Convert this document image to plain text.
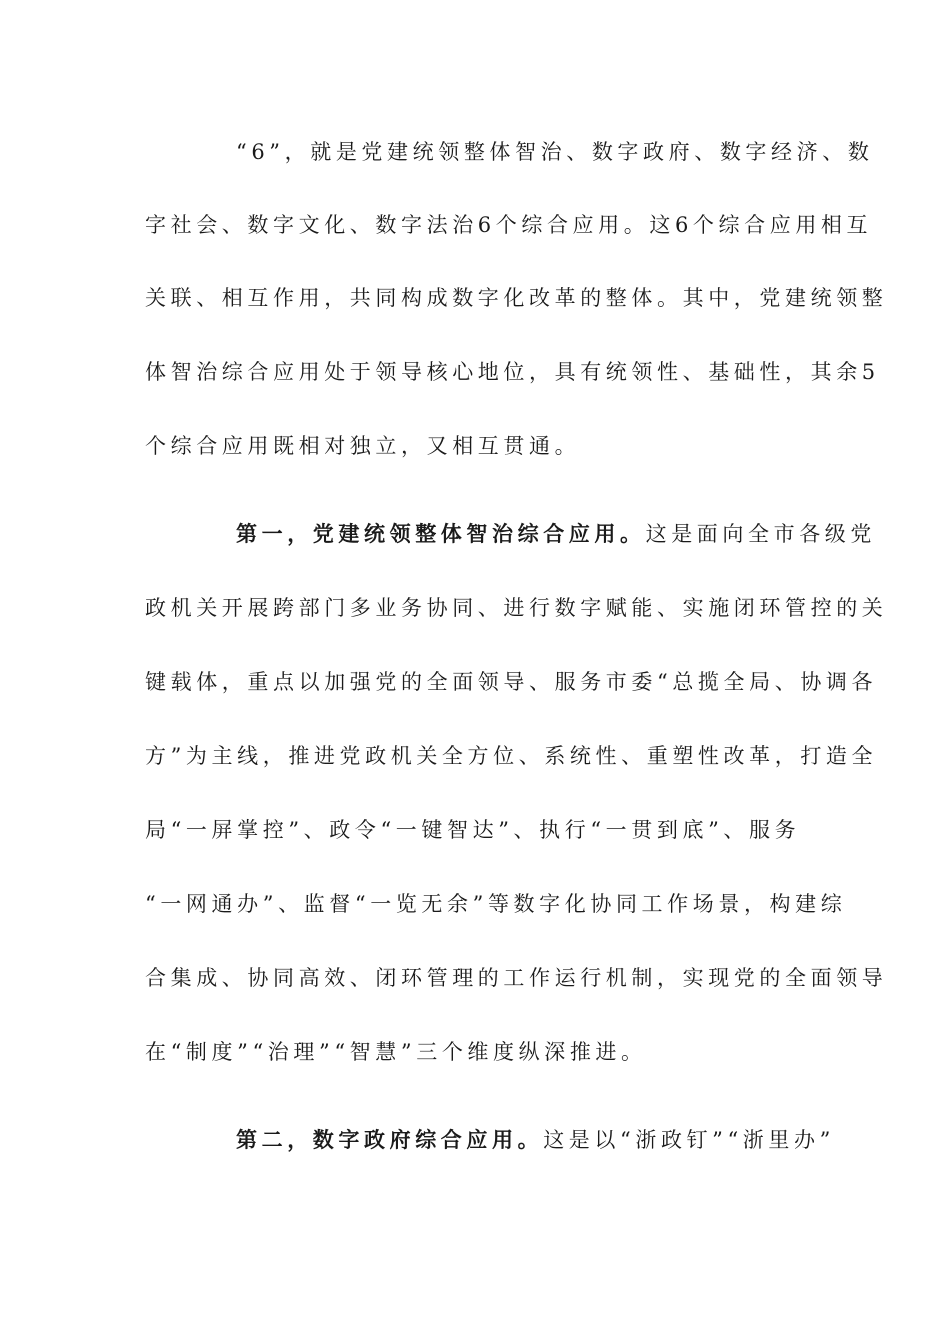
“6”，就是党建统领整体智治、数字政府、数字经济、数
字社会、数字文化、数字法治6个综合应用。这6个综合应用相互
关联、相互作用，共同构成数字化改革的整体。其中，党建统领整
体智治综合应用处于领导核心地位，具有统领性、基础性，其余5
个综合应用既相对独立，又相互贯通。
第一，党建统领整体智治综合应用。这是面向全市各级党
政机关开展跨部门多业务协同、进行数字赋能、实施闭环管控的关
键载体，重点以加强党的全面领导、服务市委“总揽全局、协调各
方”为主线，推进党政机关全方位、系统性、重塑性改革，打造全
局“一屏掌控”、政令“一键智达”、执行“一贯到底”、服务
“一网通办”、监督“一览无余”等数字化协同工作场景，构建综
合集成、协同高效、闭环管理的工作运行机制，实现党的全面领导
在“制度”“治理”“智慧”三个维度纵深推进。
第二，数字政府综合应用。这是以“浙政钉”“浙里办”
